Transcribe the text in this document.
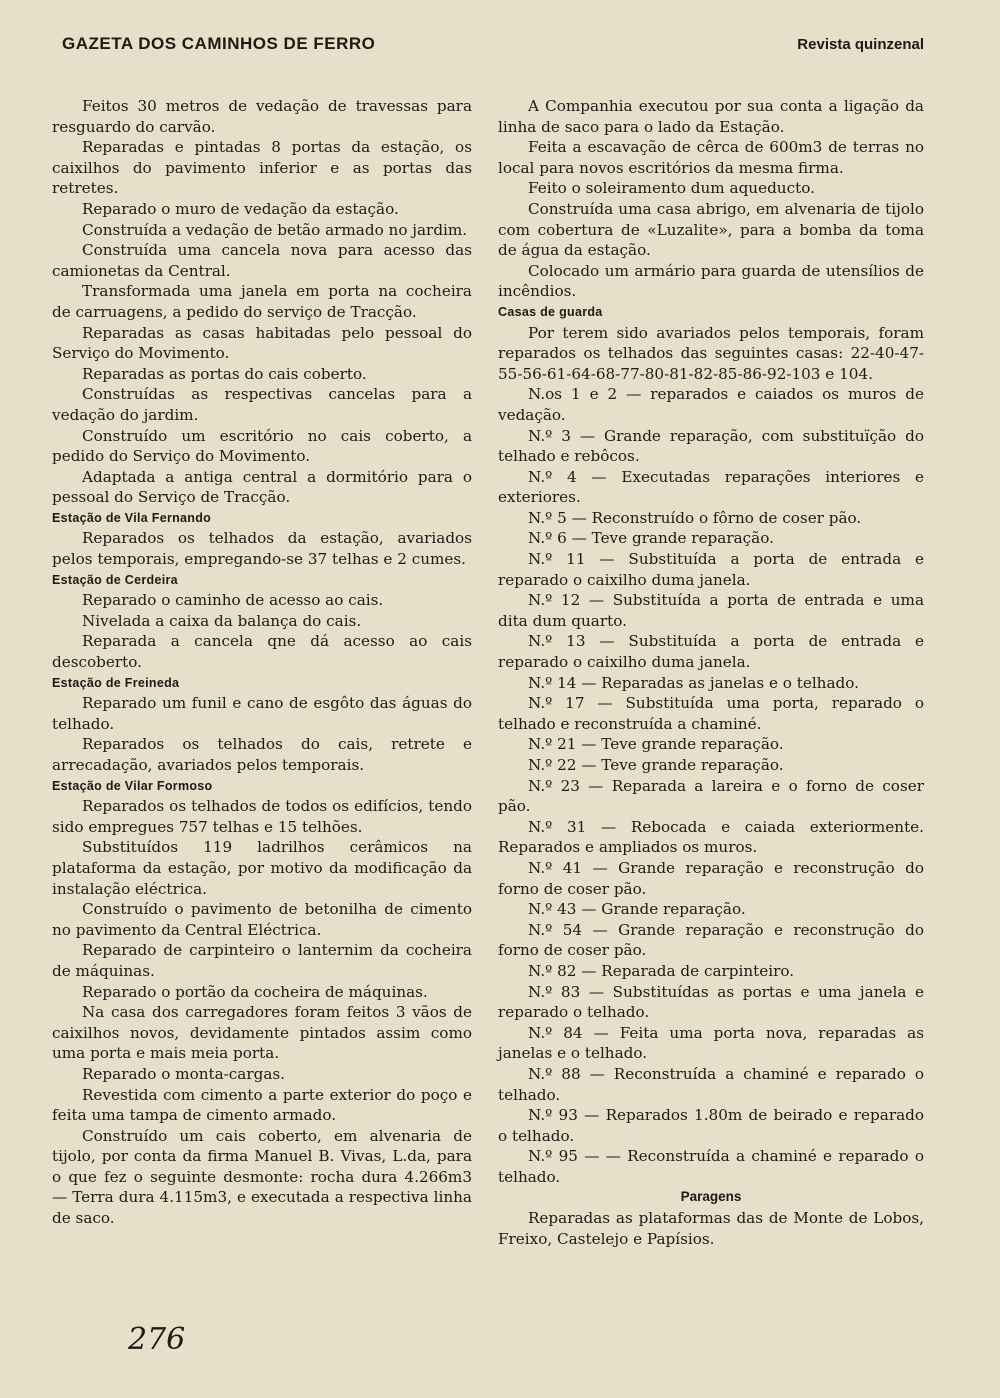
GAZETA DOS CAMINHOS DE FERRO	Revista quinzenal

Feitos 30 metros de vedação de travessas para resguardo do carvão.

Reparadas e pintadas 8 portas da estação, os caixilhos do pavimento inferior e as portas das retretes.

Reparado o muro de vedação da estação.

Construída a vedação de betão armado no jardim.

Construída uma cancela nova para acesso das camionetas da Central.

Transformada uma janela em porta na cocheira de carruagens, a pedido do serviço de Tracção.

Reparadas as casas habitadas pelo pessoal do Serviço do Movimento.

Reparadas as portas do cais coberto.

Construídas as respectivas cancelas para a vedação do jardim.

Construído um escritório no cais coberto, a pedido do Serviço do Movimento.

Adaptada a antiga central a dormitório para o pessoal do Serviço de Tracção.

Estação de Vila Fernando

Reparados os telhados da estação, avariados pelos temporais, empregando-se 37 telhas e 2 cumes.

Estação de Cerdeira

Reparado o caminho de acesso ao cais.

Nivelada a caixa da balança do cais.

Reparada a cancela qne dá acesso ao cais descoberto.

Estação de Freineda

Reparado um funil e cano de esgôto das águas do telhado.

Reparados os telhados do cais, retrete e arrecadação, avariados pelos temporais.

Estação de Vilar Formoso

Reparados os telhados de todos os edifícios, tendo sido empregues 757 telhas e 15 telhões.

Substituídos 119 ladrilhos cerâmicos na plataforma da estação, por motivo da modificação da instalação eléctrica.

Construído o pavimento de betonilha de cimento no pavimento da Central Eléctrica.

Reparado de carpinteiro o lanternim da cocheira de máquinas.

Reparado o portão da cocheira de máquinas.

Na casa dos carregadores foram feitos 3 vãos de caixilhos novos, devidamente pintados assim como uma porta e mais meia porta.

Reparado o monta-cargas.

Revestida com cimento a parte exterior do poço e feita uma tampa de cimento armado.

Construído um cais coberto, em alvenaria de tijolo, por conta da firma Manuel B. Vivas, L.da, para o que fez o seguinte desmonte: rocha dura 4.266m3 — Terra dura 4.115m3, e executada a respectiva linha de saco.

A Companhia executou por sua conta a ligação da linha de saco para o lado da Estação.

Feita a escavação de cêrca de 600m3 de terras no local para novos escritórios da mesma firma.

Feito o soleiramento dum aqueducto.

Construída uma casa abrigo, em alvenaria de tijolo com cobertura de «Luzalite», para a bomba da toma de água da estação.

Colocado um armário para guarda de utensílios de incêndios.

Casas de guarda

Por terem sido avariados pelos temporais, foram reparados os telhados das seguintes casas: 22-40-47-55-56-61-64-68-77-80-81-82-85-86-92-103 e 104.

N.os 1 e 2 — reparados e caiados os muros de vedação.

N.º 3 — Grande reparação, com substituïção do telhado e rebôcos.

N.º 4 — Executadas reparações interiores e exteriores.

N.º 5 — Reconstruído o fôrno de coser pão.

N.º 6 — Teve grande reparação.

N.º 11 — Substituída a porta de entrada e reparado o caixilho duma janela.

N.º 12 — Substituída a porta de entrada e uma dita dum quarto.

N.º 13 — Substituída a porta de entrada e reparado o caixilho duma janela.

N.º 14 — Reparadas as janelas e o telhado.

N.º 17 — Substituída uma porta, reparado o telhado e reconstruída a chaminé.

N.º 21 — Teve grande reparação.

N.º 22 — Teve grande reparação.

N.º 23 — Reparada a lareira e o forno de coser pão.

N.º 31 — Rebocada e caiada exteriormente. Reparados e ampliados os muros.

N.º 41 — Grande reparação e reconstrução do forno de coser pão.

N.º 43 — Grande reparação.

N.º 54 — Grande reparação e reconstrução do forno de coser pão.

N.º 82 — Reparada de carpinteiro.

N.º 83 — Substituídas as portas e uma janela e reparado o telhado.

N.º 84 — Feita uma porta nova, reparadas as janelas e o telhado.

N.º 88 — Reconstruída a chaminé e reparado o telhado.

N.º 93 — Reparados 1.80m de beirado e reparado o telhado.

N.º 95 — — Reconstruída a chaminé e reparado o telhado.

Paragens

Reparadas as plataformas das de Monte de Lobos, Freixo, Castelejo e Papísios.

276
